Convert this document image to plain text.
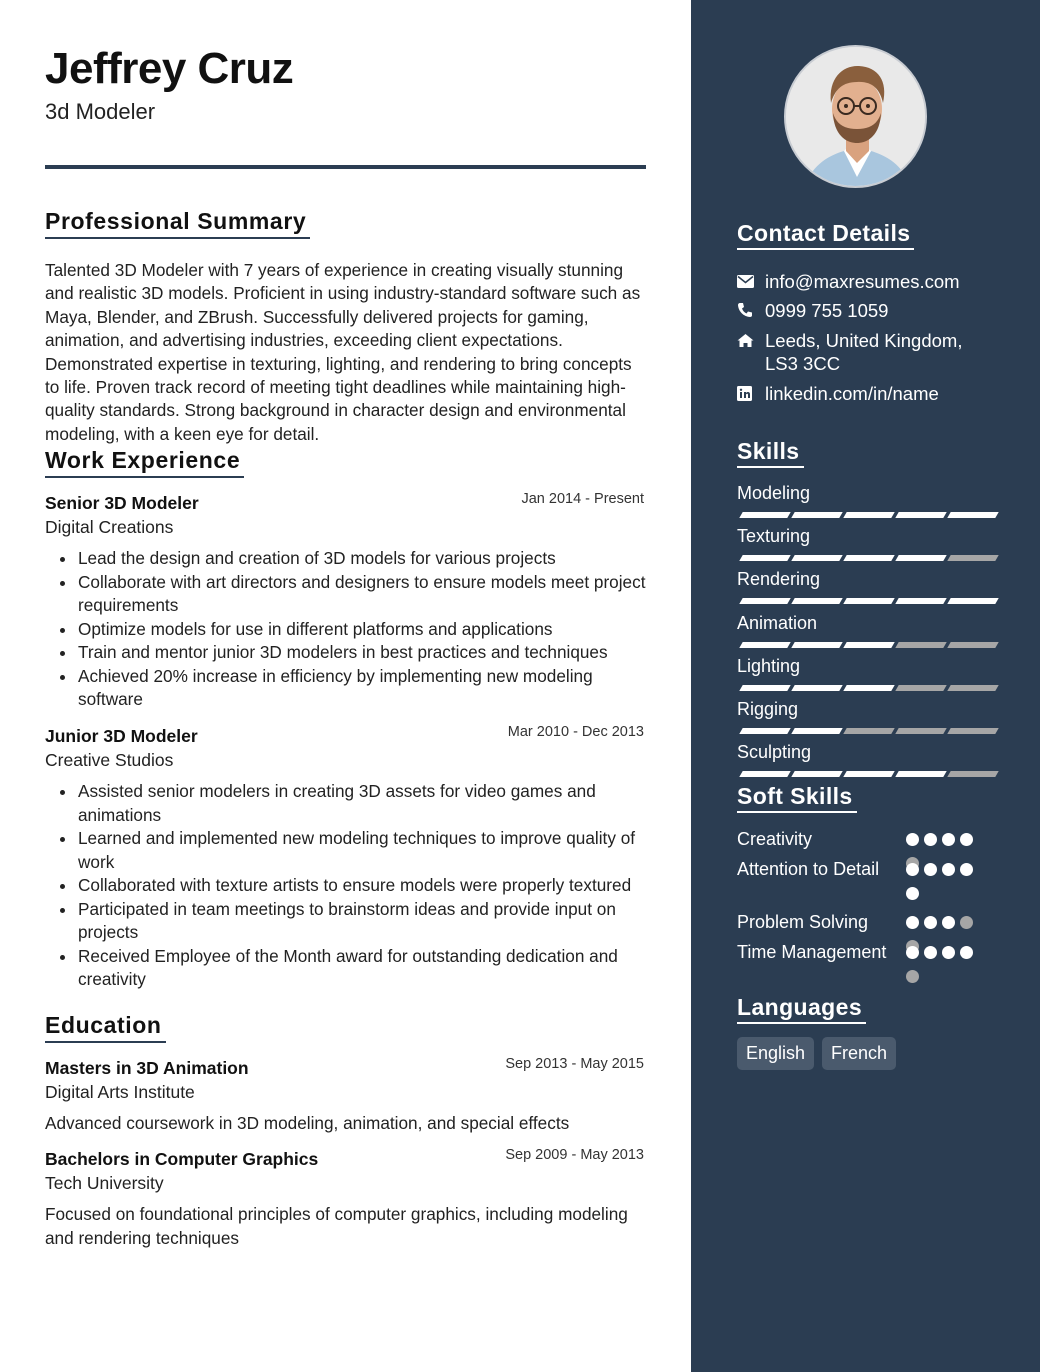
Jeffrey Cruz
3d Modeler
Professional Summary
Talented 3D Modeler with 7 years of experience in creating visually stunning and realistic 3D models. Proficient in using industry-standard software such as Maya, Blender, and ZBrush. Successfully delivered projects for gaming, animation, and advertising industries, exceeding client expectations. Demonstrated expertise in texturing, lighting, and rendering to bring concepts to life. Proven track record of meeting tight deadlines while maintaining high-quality standards. Strong background in character design and environmental modeling, with a keen eye for detail.
Work Experience
Senior 3D Modeler	Jan 2014 - Present
Digital Creations
Lead the design and creation of 3D models for various projects
Collaborate with art directors and designers to ensure models meet project requirements
Optimize models for use in different platforms and applications
Train and mentor junior 3D modelers in best practices and techniques
Achieved 20% increase in efficiency by implementing new modeling software
Junior 3D Modeler	Mar 2010 - Dec 2013
Creative Studios
Assisted senior modelers in creating 3D assets for video games and animations
Learned and implemented new modeling techniques to improve quality of work
Collaborated with texture artists to ensure models were properly textured
Participated in team meetings to brainstorm ideas and provide input on projects
Received Employee of the Month award for outstanding dedication and creativity
Education
Masters in 3D Animation	Sep 2013 - May 2015
Digital Arts Institute
Advanced coursework in 3D modeling, animation, and special effects
Bachelors in Computer Graphics	Sep 2009 - May 2013
Tech University
Focused on foundational principles of computer graphics, including modeling and rendering techniques
Contact Details
info@maxresumes.com
0999 755 1059
Leeds, United Kingdom, LS3 3CC
linkedin.com/in/name
Skills
Modeling
Texturing
Rendering
Animation
Lighting
Rigging
Sculpting
Soft Skills
Creativity
Attention to Detail
Problem Solving
Time Management
Languages
English	French
